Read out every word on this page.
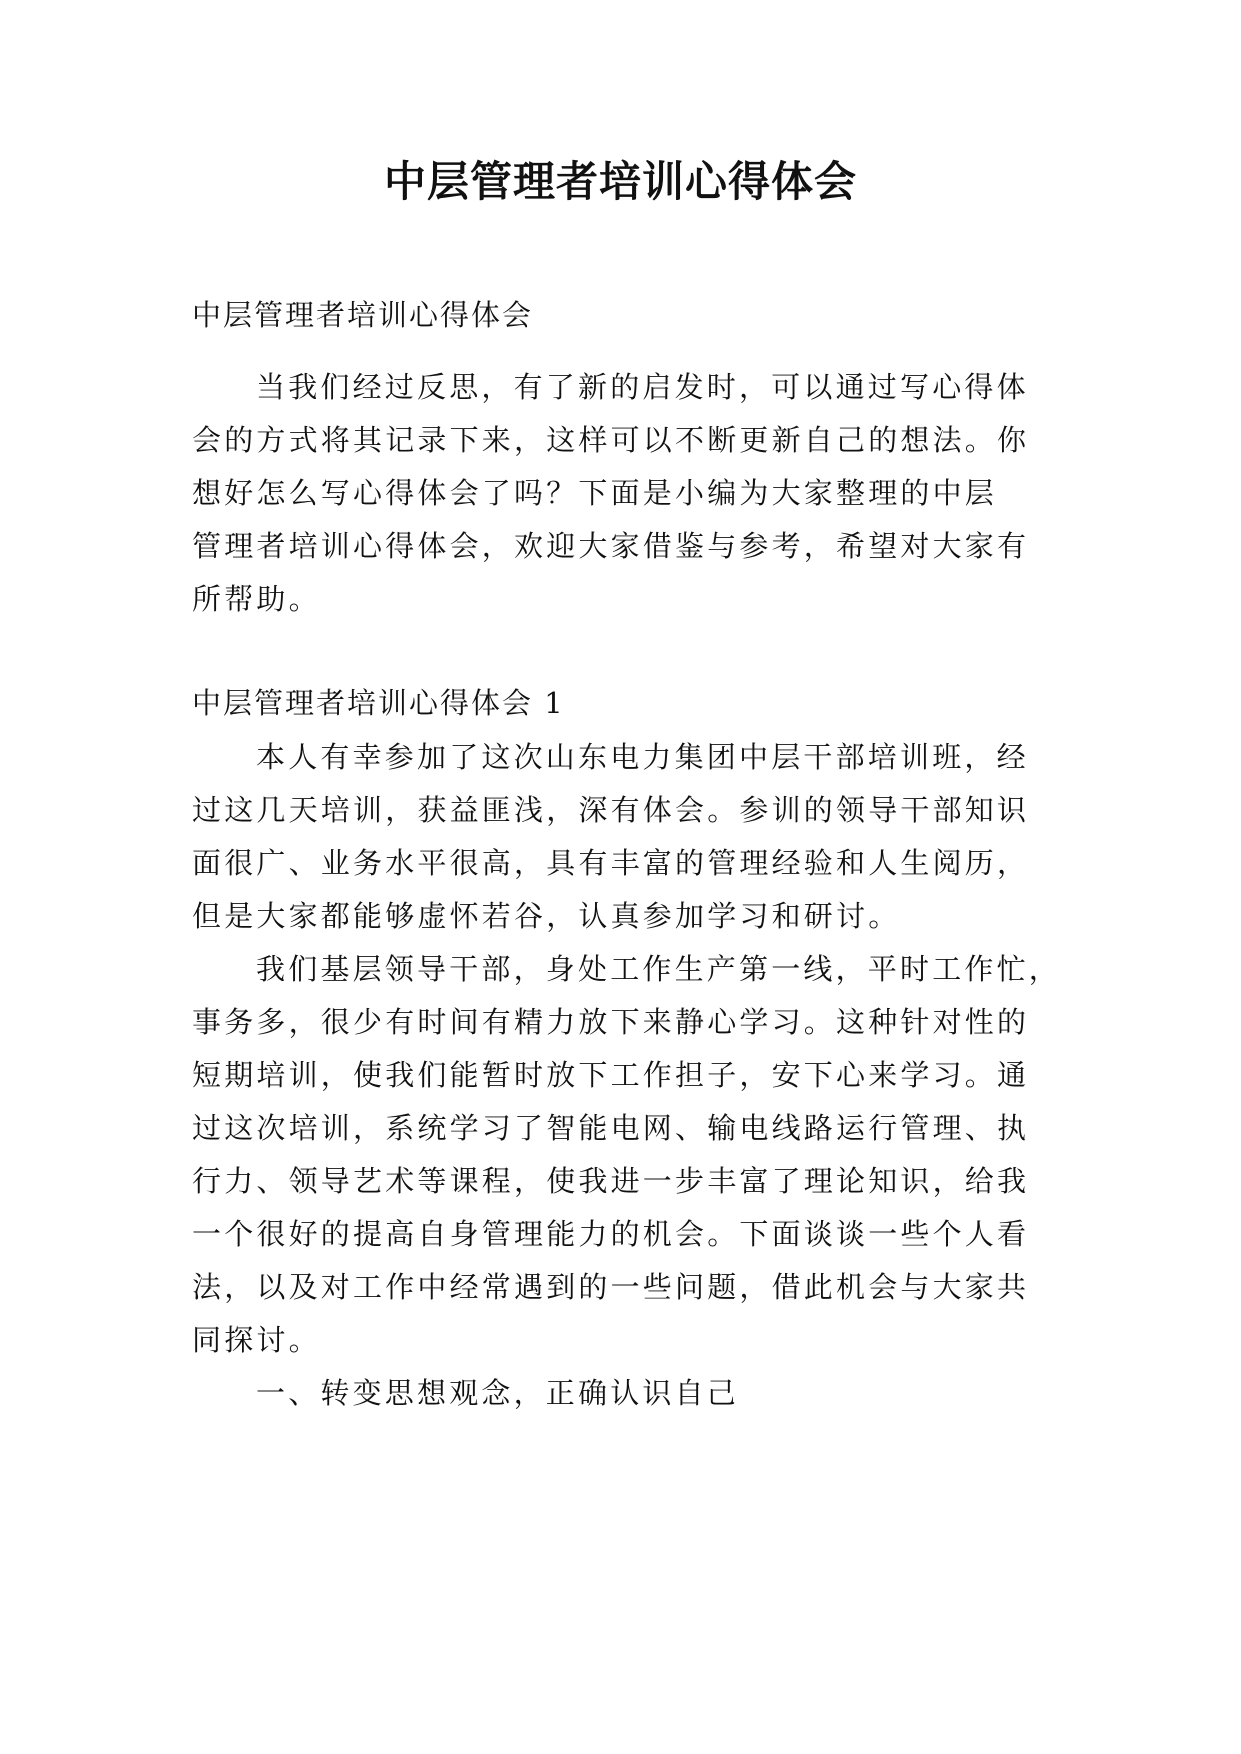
中层管理者培训心得体会

中层管理者培训心得体会

当我们经过反思，有了新的启发时，可以通过写心得体

会的方式将其记录下来，这样可以不断更新自己的想法。你

想好怎么写心得体会了吗？下面是小编为大家整理的中层

管理者培训心得体会，欢迎大家借鉴与参考，希望对大家有

所帮助。

中层管理者培训心得体会 1

本人有幸参加了这次山东电力集团中层干部培训班，经

过这几天培训，获益匪浅，深有体会。参训的领导干部知识

面很广、业务水平很高，具有丰富的管理经验和人生阅历，

但是大家都能够虚怀若谷，认真参加学习和研讨。

我们基层领导干部，身处工作生产第一线，平时工作忙，

事务多，很少有时间有精力放下来静心学习。这种针对性的

短期培训，使我们能暂时放下工作担子，安下心来学习。通

过这次培训，系统学习了智能电网、输电线路运行管理、执

行力、领导艺术等课程，使我进一步丰富了理论知识，给我

一个很好的提高自身管理能力的机会。下面谈谈一些个人看

法，以及对工作中经常遇到的一些问题，借此机会与大家共

同探讨。

一、转变思想观念，正确认识自己
